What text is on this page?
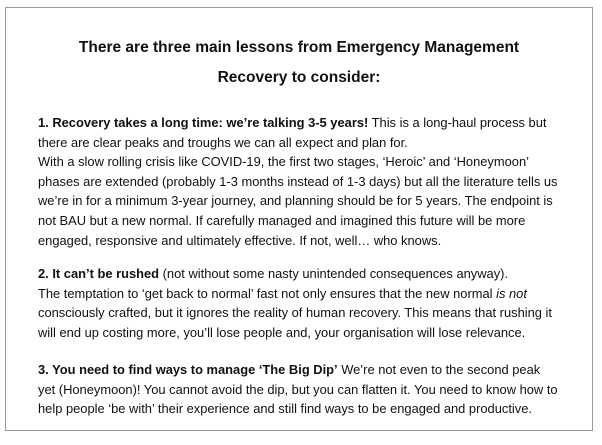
There are three main lessons from Emergency Management
Recovery to consider:
1. Recovery takes a long time: we’re talking 3-5 years! This is a long-haul process but
there are clear peaks and troughs we can all expect and plan for.
With a slow rolling crisis like COVID-19, the first two stages, ‘Heroic’ and ‘Honeymoon’
phases are extended (probably 1-3 months instead of 1-3 days) but all the literature tells us
we’re in for a minimum 3-year journey, and planning should be for 5 years. The endpoint is
not BAU but a new normal. If carefully managed and imagined this future will be more
engaged, responsive and ultimately effective. If not, well… who knows.
2. It can’t be rushed (not without some nasty unintended consequences anyway).
The temptation to ‘get back to normal’ fast not only ensures that the new normal is not
consciously crafted, but it ignores the reality of human recovery. This means that rushing it
will end up costing more, you’ll lose people and, your organisation will lose relevance.
3. You need to find ways to manage ‘The Big Dip’ We’re not even to the second peak
yet (Honeymoon)! You cannot avoid the dip, but you can flatten it. You need to know how to
help people ‘be with’ their experience and still find ways to be engaged and productive.
